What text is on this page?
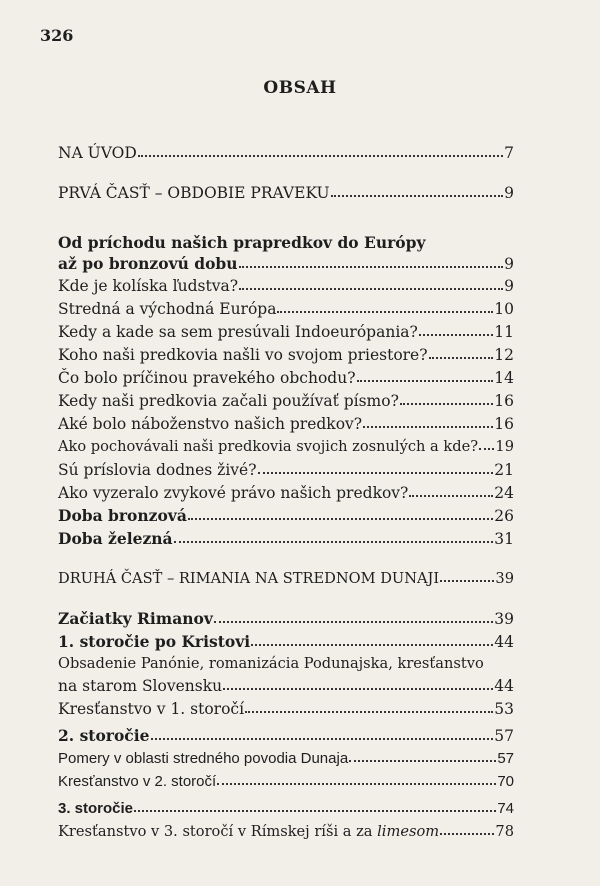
326
OBSAH
NA ÚVOD	7
PRVÁ ČASŤ – OBDOBIE PRAVEKU	9
Od príchodu našich prapredkov do Európy
až po bronzovú dobu	9
Kde je kolíska ľudstva?	9
Stredná a východná Európa	10
Kedy a kade sa sem presúvali Indoeurópania?	11
Koho naši predkovia našli vo svojom priestore?	12
Čo bolo príčinou pravekého obchodu?	14
Kedy naši predkovia začali používať písmo?	16
Aké bolo náboženstvo našich predkov?	16
Ako pochovávali naši predkovia svojich zosnulých a kde? 19
Sú príslovia dodnes živé?	21
Ako vyzeralo zvykové právo našich predkov?	24
Doba bronzová	26
Doba železná	31
DRUHÁ ČASŤ – RIMANIA NA STREDNOM DUNAJI	39
Začiatky Rimanov	39
1. storočie po Kristovi	44
Obsadenie Panónie, romanizácia Podunajska, kresťanstvo
na starom Slovensku	44
Kresťanstvo v 1. storočí	53
2. storočie	57
Pomery v oblasti stredného povodia Dunaja	57
Kresťanstvo v 2. storočí	70
3. storočie	74
Kresťanstvo v 3. storočí v Rímskej ríši a za limesom	78
